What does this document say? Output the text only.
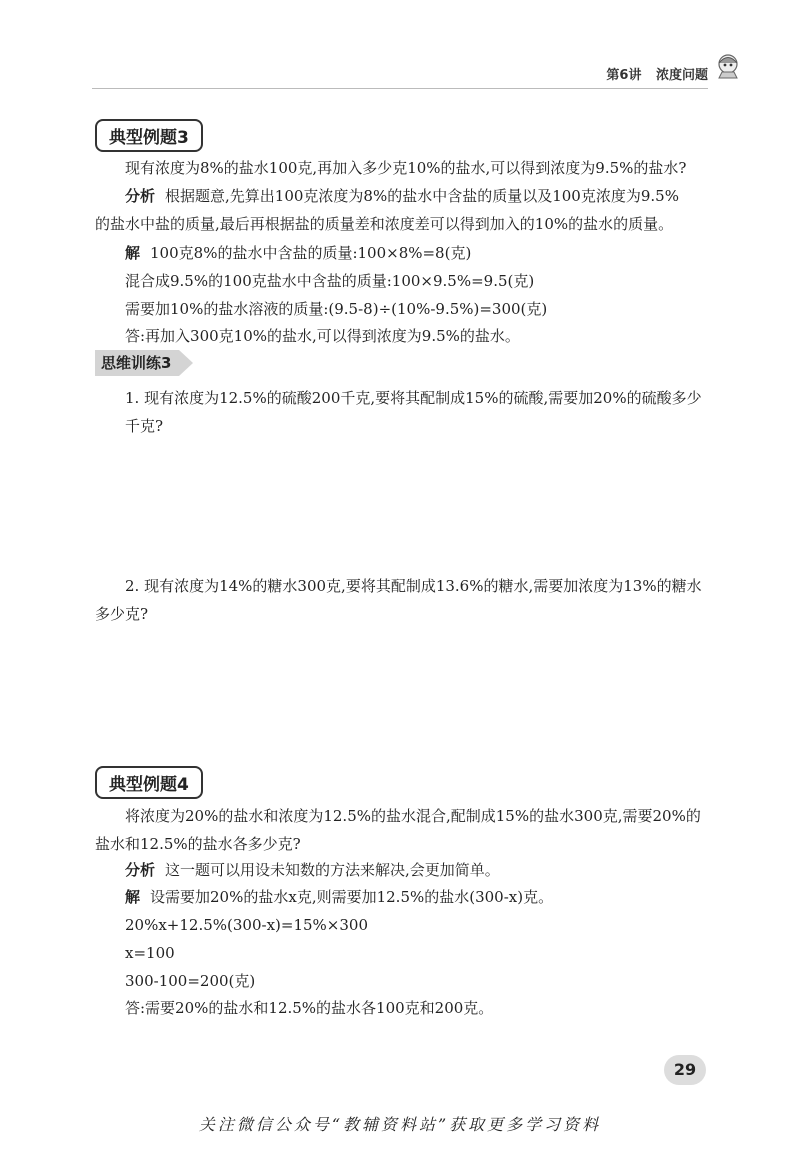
第6讲 浓度问题
典型例题3
现有浓度为8%的盐水100克,再加入多少克10%的盐水,可以得到浓度为9.5%的盐水?
分析 根据题意,先算出100克浓度为8%的盐水中含盐的质量以及100克浓度为9.5%
的盐水中盐的质量,最后再根据盐的质量差和浓度差可以得到加入的10%的盐水的质量。
解 100克8%的盐水中含盐的质量:100×8%=8(克)
混合成9.5%的100克盐水中含盐的质量:100×9.5%=9.5(克)
需要加10%的盐水溶液的质量:(9.5-8)÷(10%-9.5%)=300(克)
答:再加入300克10%的盐水,可以得到浓度为9.5%的盐水。
思维训练3
1. 现有浓度为12.5%的硫酸200千克,要将其配制成15%的硫酸,需要加20%的硫酸多少千克?
2. 现有浓度为14%的糖水300克,要将其配制成13.6%的糖水,需要加浓度为13%的糖水多少克?
典型例题4
将浓度为20%的盐水和浓度为12.5%的盐水混合,配制成15%的盐水300克,需要20%的盐水和12.5%的盐水各多少克?
分析 这一题可以用设未知数的方法来解决,会更加简单。
解 设需要加20%的盐水x克,则需要加12.5%的盐水(300-x)克。
20%x+12.5%(300-x)=15%×300
x=100
300-100=200(克)
答:需要20%的盐水和12.5%的盐水各100克和200克。
29
关注微信公众号“教辅资料站”获取更多学习资料
